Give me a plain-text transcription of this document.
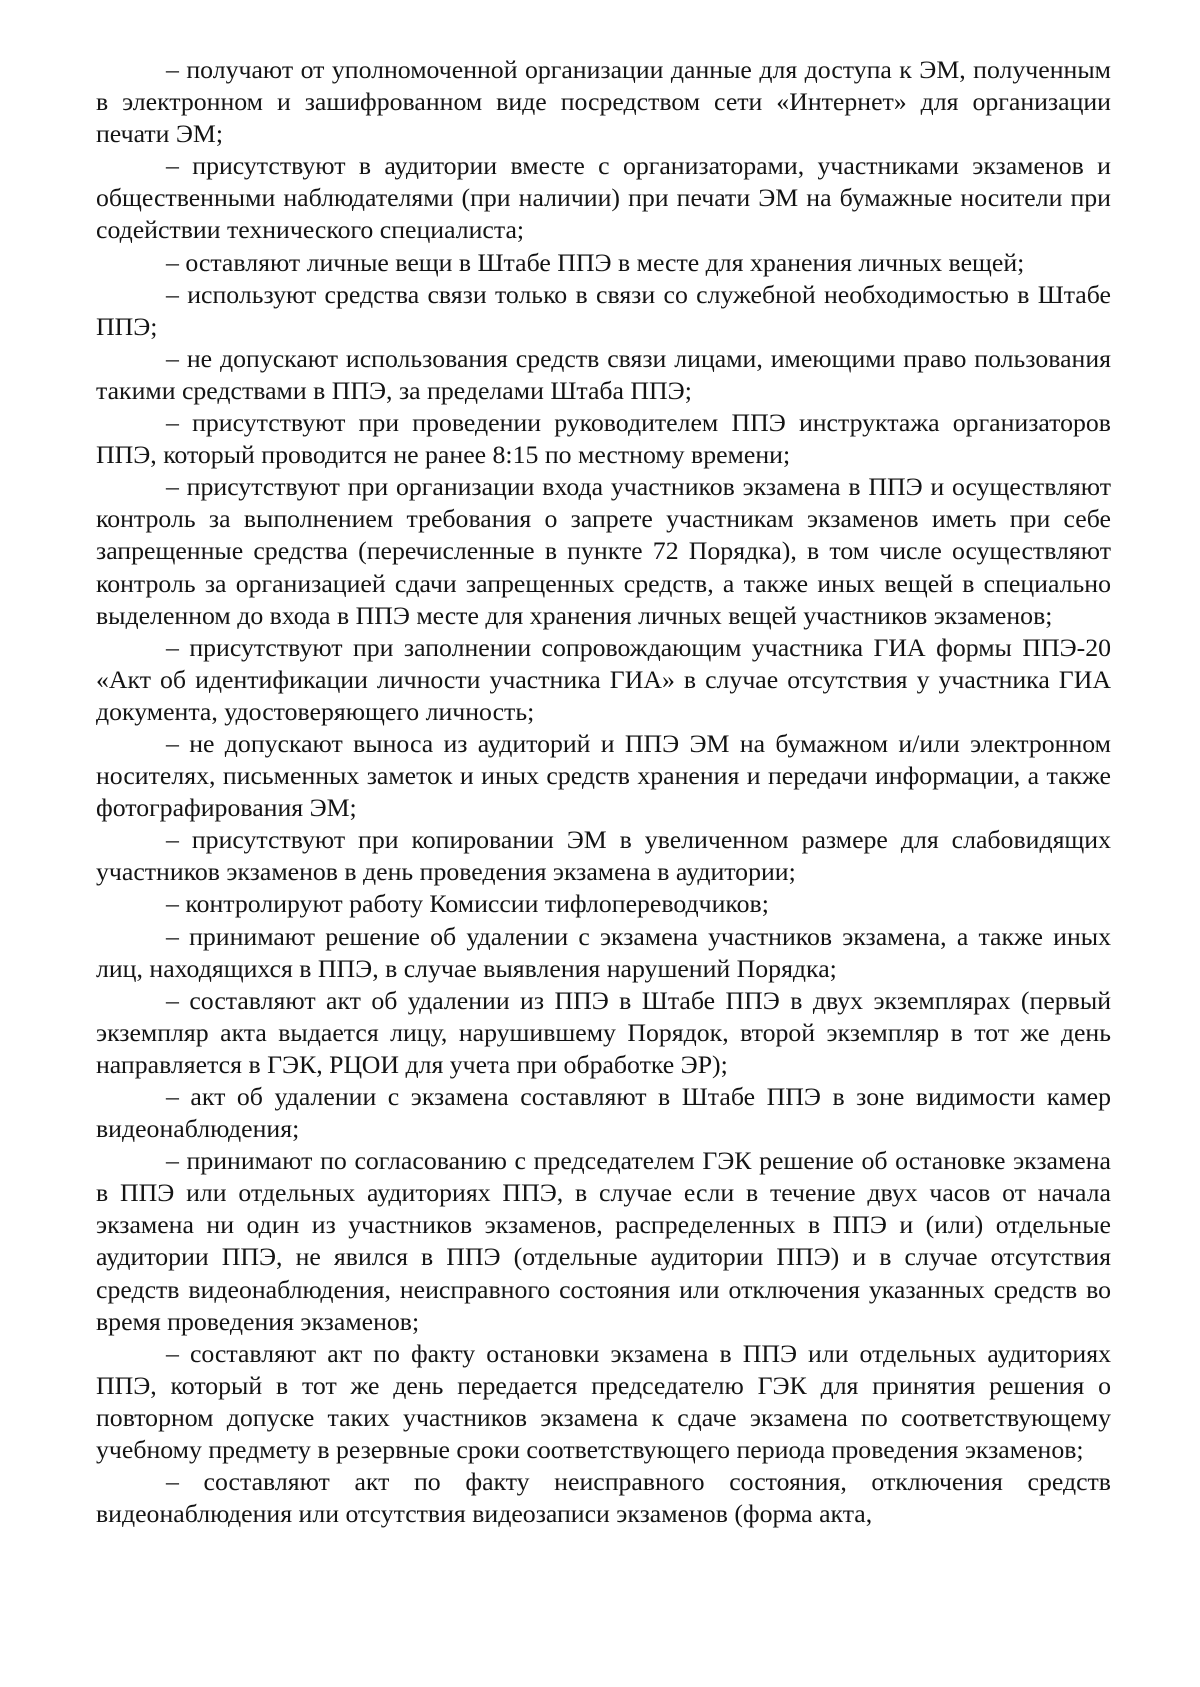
– получают от уполномоченной организации данные для доступа к ЭМ, полученным в электронном и зашифрованном виде посредством сети «Интернет» для организации печати ЭМ;

– присутствуют в аудитории вместе с организаторами, участниками экзаменов и общественными наблюдателями (при наличии) при печати ЭМ на бумажные носители при содействии технического специалиста;

– оставляют личные вещи в Штабе ППЭ в месте для хранения личных вещей;

– используют средства связи только в связи со служебной необходимостью в Штабе ППЭ;

– не допускают использования средств связи лицами, имеющими право пользования такими средствами в ППЭ, за пределами Штаба ППЭ;

– присутствуют при проведении руководителем ППЭ инструктажа организаторов ППЭ, который проводится не ранее 8:15 по местному времени;

– присутствуют при организации входа участников экзамена в ППЭ и осуществляют контроль за выполнением требования о запрете участникам экзаменов иметь при себе запрещенные средства (перечисленные в пункте 72 Порядка), в том числе осуществляют контроль за организацией сдачи запрещенных средств, а также иных вещей в специально выделенном до входа в ППЭ месте для хранения личных вещей участников экзаменов;

– присутствуют при заполнении сопровождающим участника ГИА формы ППЭ-20 «Акт об идентификации личности участника ГИА» в случае отсутствия у участника ГИА документа, удостоверяющего личность;

– не допускают выноса из аудиторий и ППЭ ЭМ на бумажном и/или электронном носителях, письменных заметок и иных средств хранения и передачи информации, а также фотографирования ЭМ;

– присутствуют при копировании ЭМ в увеличенном размере для слабовидящих участников экзаменов в день проведения экзамена в аудитории;

– контролируют работу Комиссии тифлопереводчиков;

– принимают решение об удалении с экзамена участников экзамена, а также иных лиц, находящихся в ППЭ, в случае выявления нарушений Порядка;

– составляют акт об удалении из ППЭ в Штабе ППЭ в двух экземплярах (первый экземпляр акта выдается лицу, нарушившему Порядок, второй экземпляр в тот же день направляется в ГЭК, РЦОИ для учета при обработке ЭР);

– акт об удалении с экзамена составляют в Штабе ППЭ в зоне видимости камер видеонаблюдения;

– принимают по согласованию с председателем ГЭК решение об остановке экзамена в ППЭ или отдельных аудиториях ППЭ, в случае если в течение двух часов от начала экзамена ни один из участников экзаменов, распределенных в ППЭ и (или) отдельные аудитории ППЭ, не явился в ППЭ (отдельные аудитории ППЭ) и в случае отсутствия средств видеонаблюдения, неисправного состояния или отключения указанных средств во время проведения экзаменов;

– составляют акт по факту остановки экзамена в ППЭ или отдельных аудиториях ППЭ, который в тот же день передается председателю ГЭК для принятия решения о повторном допуске таких участников экзамена к сдаче экзамена по соответствующему учебному предмету в резервные сроки соответствующего периода проведения экзаменов;

– составляют акт по факту неисправного состояния, отключения средств видеонаблюдения или отсутствия видеозаписи экзаменов (форма акта,
